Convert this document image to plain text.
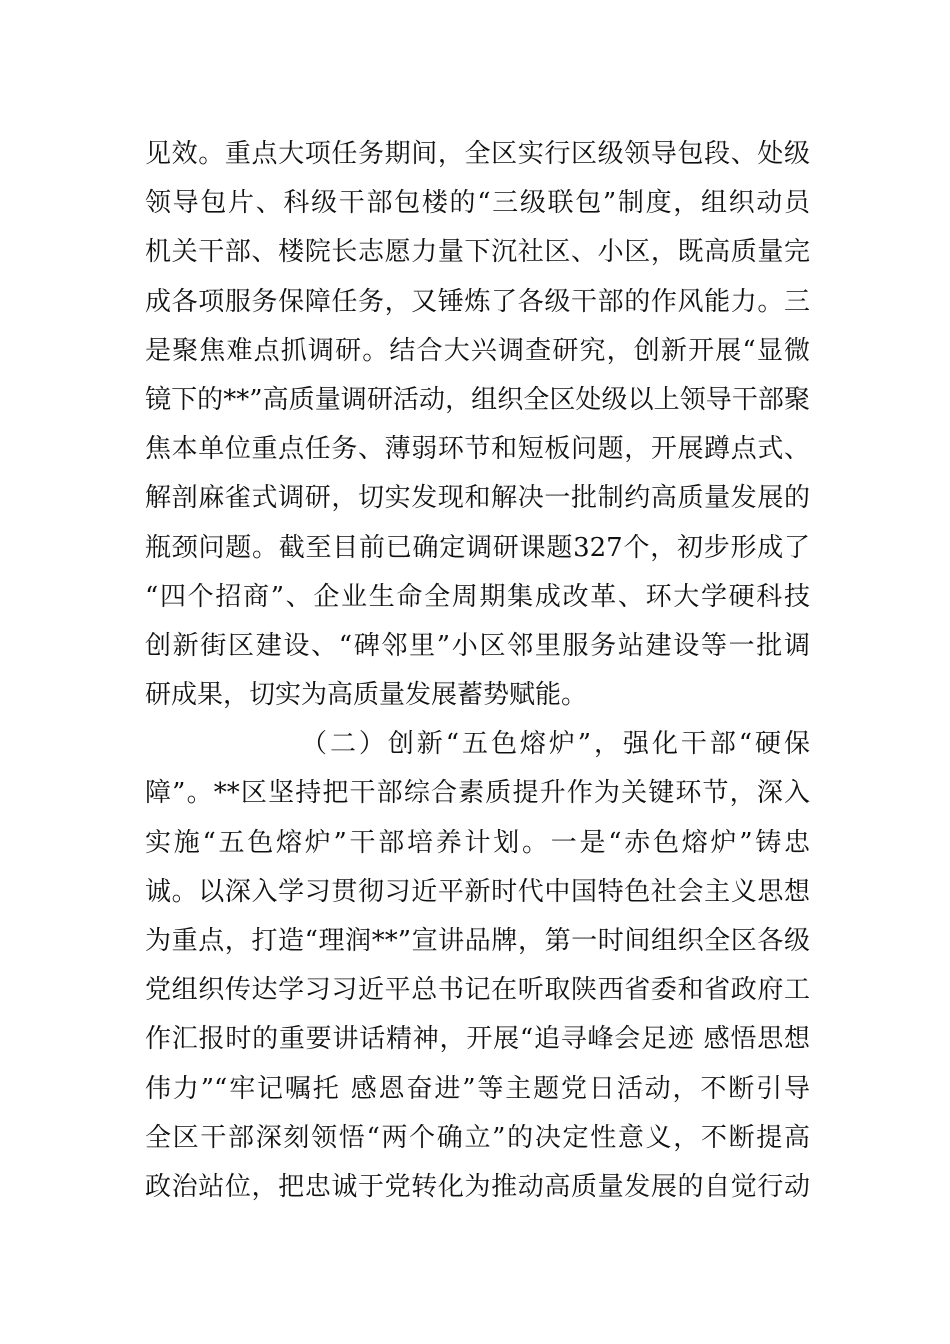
见效。重点大项任务期间，全区实行区级领导包段、处级
领导包片、科级干部包楼的“三级联包”制度，组织动员
机关干部、楼院长志愿力量下沉社区、小区，既高质量完
成各项服务保障任务，又锤炼了各级干部的作风能力。三
是聚焦难点抓调研。结合大兴调查研究，创新开展“显微
镜下的**”高质量调研活动，组织全区处级以上领导干部聚
焦本单位重点任务、薄弱环节和短板问题，开展蹲点式、
解剖麻雀式调研，切实发现和解决一批制约高质量发展的
瓶颈问题。截至目前已确定调研课题327个，初步形成了
“四个招商”、企业生命全周期集成改革、环大学硬科技
创新街区建设、“碑邻里”小区邻里服务站建设等一批调
研成果，切实为高质量发展蓄势赋能。
（二）创新“五色熔炉”，强化干部“硬保
障”。**区坚持把干部综合素质提升作为关键环节，深入
实施“五色熔炉”干部培养计划。一是“赤色熔炉”铸忠
诚。以深入学习贯彻习近平新时代中国特色社会主义思想
为重点，打造“理润**”宣讲品牌，第一时间组织全区各级
党组织传达学习习近平总书记在听取陕西省委和省政府工
作汇报时的重要讲话精神，开展“追寻峰会足迹 感悟思想
伟力”“牢记嘱托 感恩奋进”等主题党日活动，不断引导
全区干部深刻领悟“两个确立”的决定性意义，不断提高
政治站位，把忠诚于党转化为推动高质量发展的自觉行动
